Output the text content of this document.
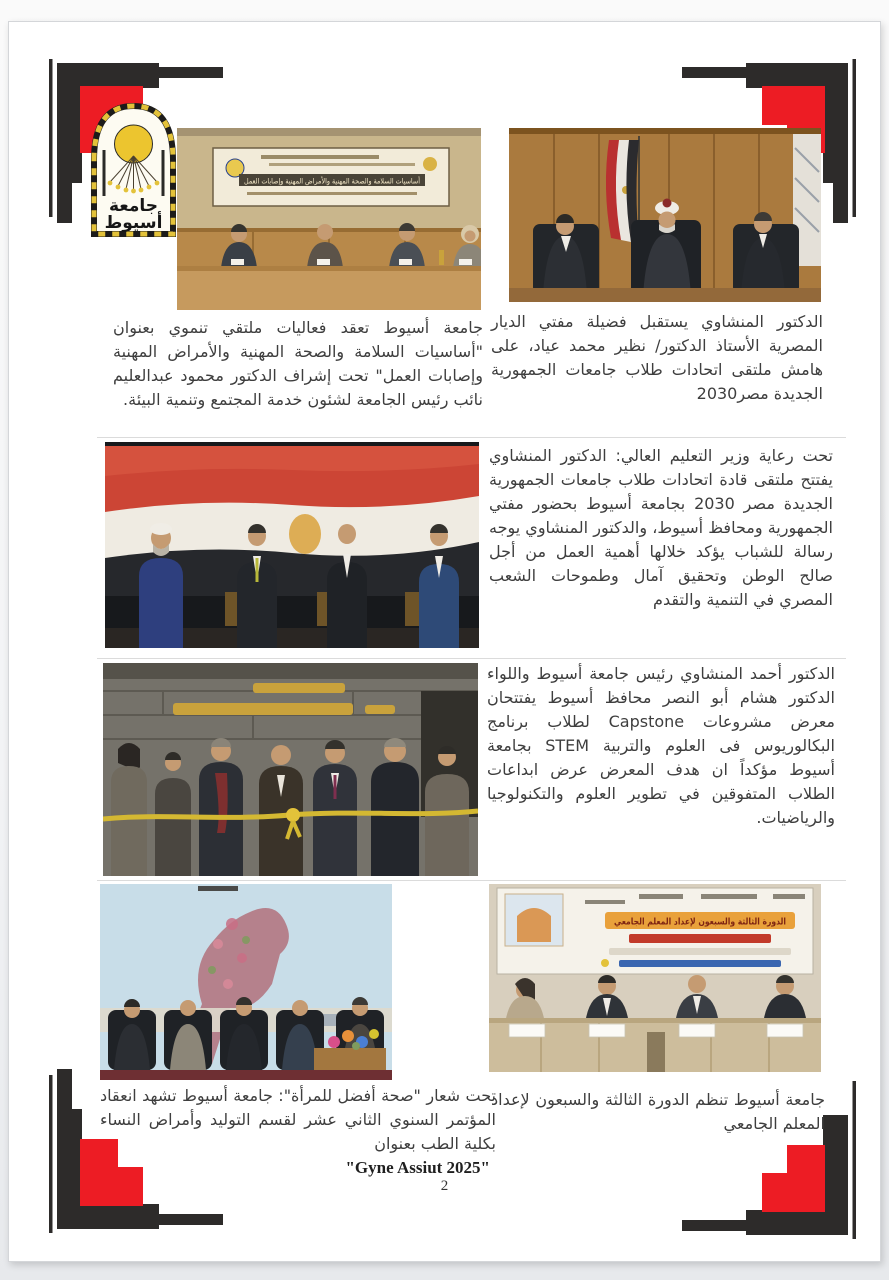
جامعة
أسيوط
أساسيات السلامة والصحة المهنية والأمراض المهنية وإصابات العمل
جامعة أسيوط تعقد فعاليات ملتقي تنموي بعنوان "أساسيات السلامة والصحة المهنية والأمراض المهنية وإصابات العمل" تحت إشراف الدكتور محمود عبدالعليم نائب رئيس الجامعة لشئون خدمة المجتمع وتنمية البيئة.
الدكتور المنشاوي يستقبل فضيلة مفتي الديار المصرية الأستاذ الدكتور/ نظير محمد عياد، على هامش ملتقى اتحادات طلاب جامعات الجمهورية الجديدة مصر2030
تحت رعاية وزير التعليم العالي: الدكتور المنشاوي يفتتح ملتقى قادة اتحادات طلاب جامعات الجمهورية الجديدة مصر 2030 بجامعة أسيوط بحضور مفتي الجمهورية ومحافظ أسيوط، والدكتور المنشاوي يوجه رسالة للشباب يؤكد خلالها أهمية العمل من أجل صالح الوطن وتحقيق آمال وطموحات الشعب المصري في التنمية والتقدم
الدكتور أحمد المنشاوي رئيس جامعة أسيوط واللواء الدكتور هشام أبو النصر محافظ أسيوط يفتتحان معرض مشروعات Capstone لطلاب برنامج البكالوريوس فى العلوم والتربية STEM بجامعة أسيوط مؤكداً ان هدف المعرض عرض ابداعات الطلاب المتفوقين في تطوير العلوم والتكنولوجيا والرياضيات.
الدورة الثالثة والسبعون لإعداد المعلم الجامعي
تحت شعار "صحة أفضل للمرأة": جامعة أسيوط تشهد انعقاد المؤتمر السنوي الثاني عشر لقسم التوليد وأمراض النساء بكلية الطب بعنوان
"Gyne Assiut 2025"
جامعة أسيوط تنظم الدورة الثالثة والسبعون لإعداد المعلم الجامعي
2
